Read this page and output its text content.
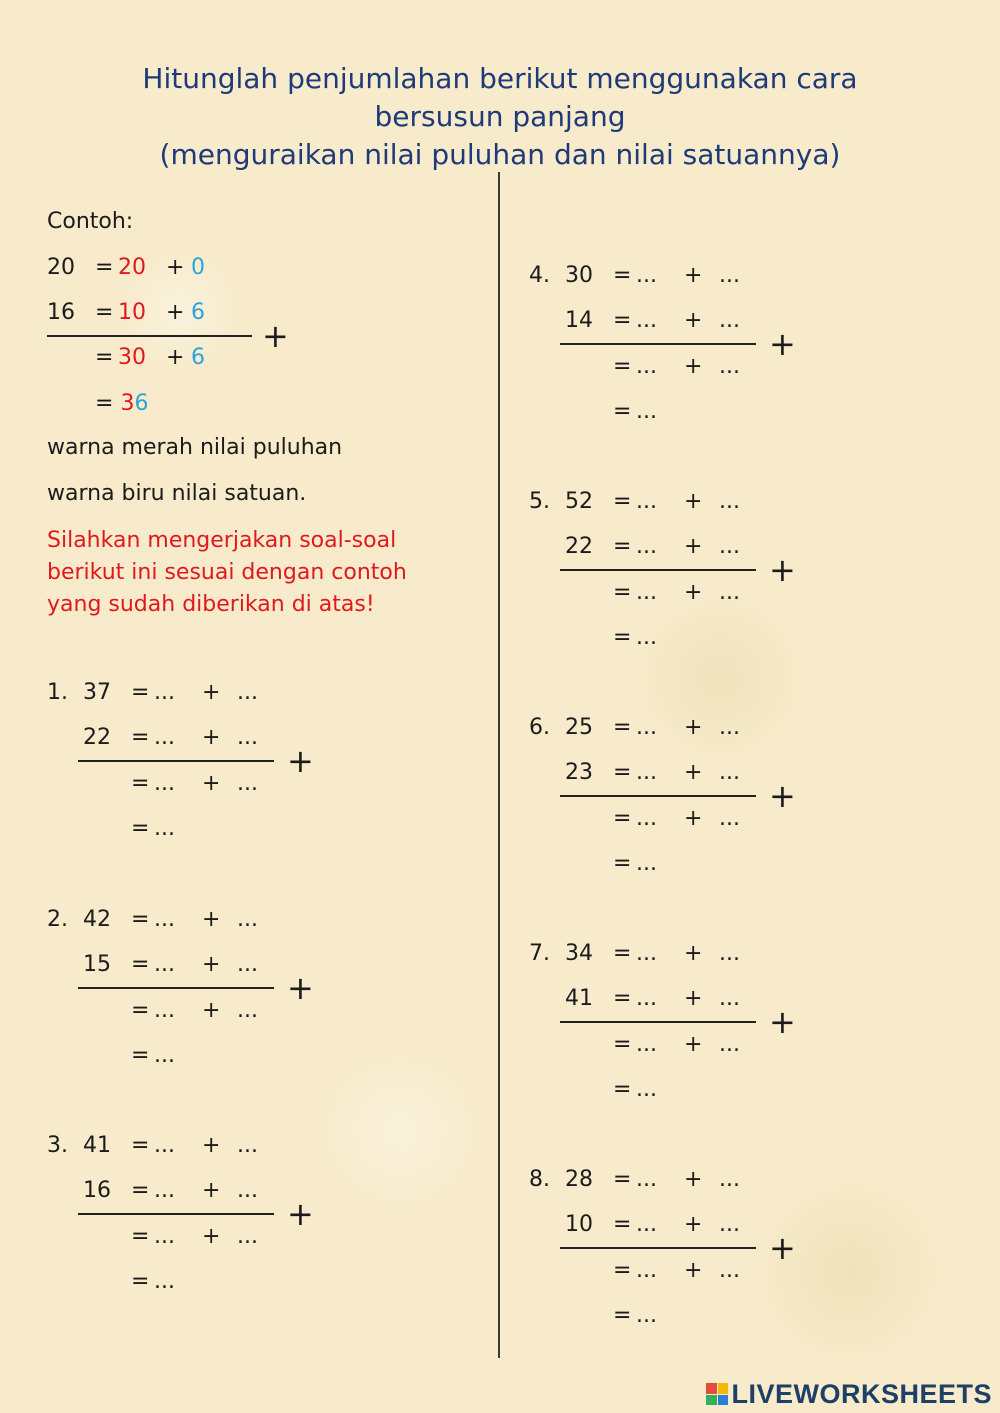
Hitunglah penjumlahan berikut menggunakan cara
bersusun panjang
(menguraikan nilai puluhan dan nilai satuannya)

Contoh:

20 = 20 + 0

16 = 10 + 6

+

= 30 + 6

= 36

warna merah nilai puluhan

warna biru nilai satuan.

Silahkan mengerjakan soal-soal
berikut ini sesuai dengan contoh
yang sudah diberikan di atas!

1. 37
22
= ... + ...
= ... + ...
= ... + ...
= ...
+
2. 42
15
= ... + ...
= ... + ...
= ... + ...
= ...
+
3. 41
16
= ... + ...
= ... + ...
= ... + ...
= ...
+
4. 30
14
= ... + ...
= ... + ...
= ... + ...
= ...
+
5. 52
22
= ... + ...
= ... + ...
= ... + ...
= ...
+
6. 25
23
= ... + ...
= ... + ...
= ... + ...
= ...
+
7. 34
41
= ... + ...
= ... + ...
= ... + ...
= ...
+
8. 28
10
= ... + ...
= ... + ...
= ... + ...
= ...
+
LIVEWORKSHEETS
